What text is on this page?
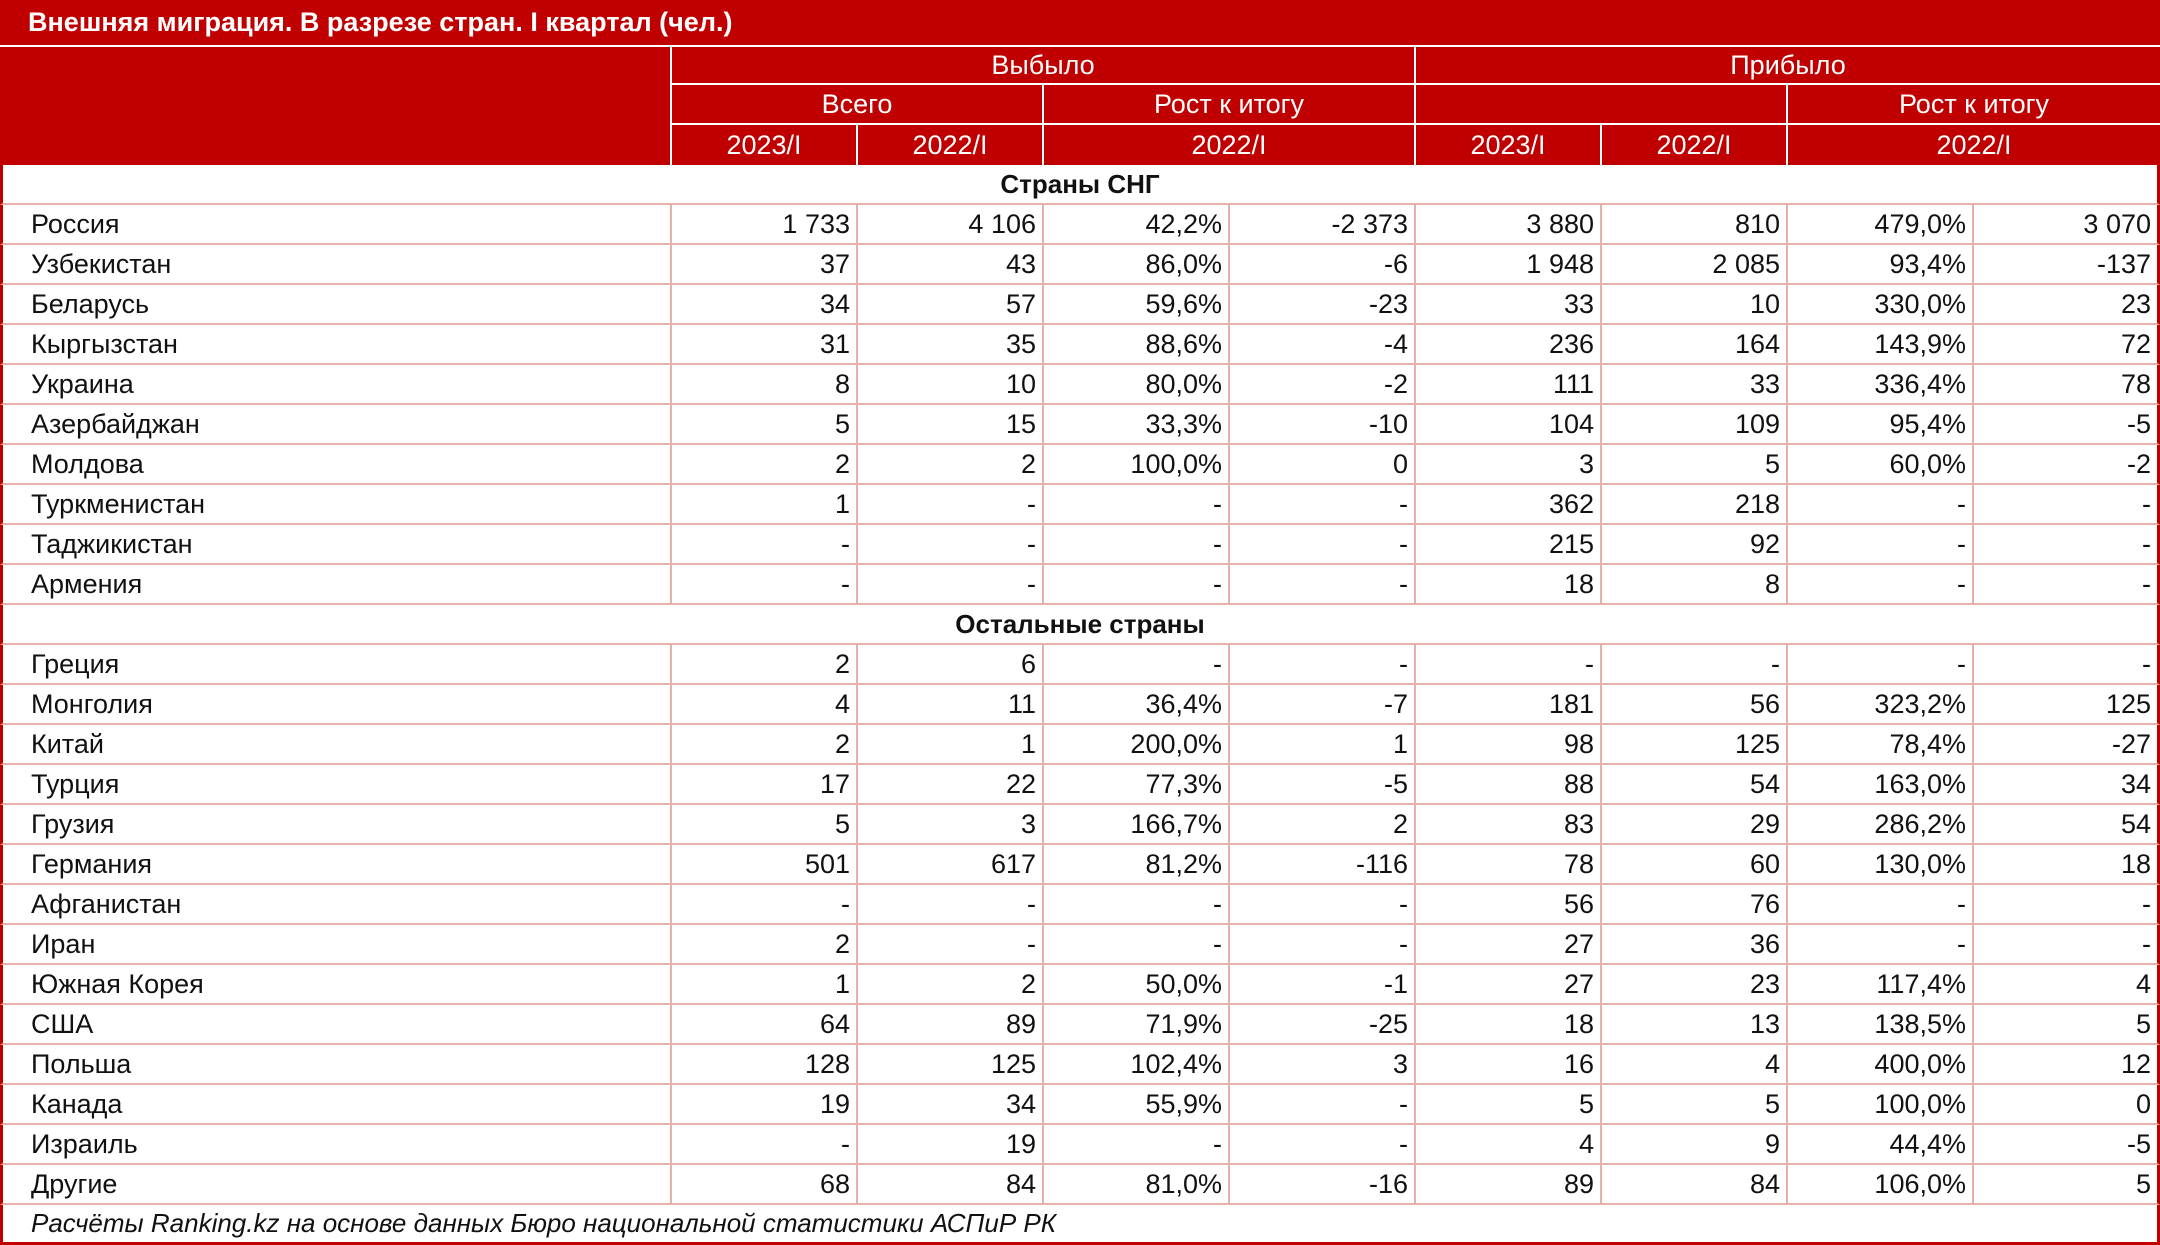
Внешняя миграция. В разрезе стран. I квартал (чел.)
Выбыло	Прибыло
Всего	Рост к итогу	Рост к итогу
2023/I	2022/I	2022/I	2023/I	2022/I	2022/I
Страны СНГ
Россия	1 733	4 106	42,2%	-2 373	3 880	810	479,0%	3 070
Узбекистан	37	43	86,0%	-6	1 948	2 085	93,4%	-137
Беларусь	34	57	59,6%	-23	33	10	330,0%	23
Кыргызстан	31	35	88,6%	-4	236	164	143,9%	72
Украина	8	10	80,0%	-2	111	33	336,4%	78
Азербайджан	5	15	33,3%	-10	104	109	95,4%	-5
Молдова	2	2	100,0%	0	3	5	60,0%	-2
Туркменистан	1	-	-	-	362	218	-	-
Таджикистан	-	-	-	-	215	92	-	-
Армения	-	-	-	-	18	8	-	-
Остальные страны
Греция	2	6	-	-	-	-	-	-
Монголия	4	11	36,4%	-7	181	56	323,2%	125
Китай	2	1	200,0%	1	98	125	78,4%	-27
Турция	17	22	77,3%	-5	88	54	163,0%	34
Грузия	5	3	166,7%	2	83	29	286,2%	54
Германия	501	617	81,2%	-116	78	60	130,0%	18
Афганистан	-	-	-	-	56	76	-	-
Иран	2	-	-	-	27	36	-	-
Южная Корея	1	2	50,0%	-1	27	23	117,4%	4
США	64	89	71,9%	-25	18	13	138,5%	5
Польша	128	125	102,4%	3	16	4	400,0%	12
Канада	19	34	55,9%	-	5	5	100,0%	0
Израиль	-	19	-	-	4	9	44,4%	-5
Другие	68	84	81,0%	-16	89	84	106,0%	5
Расчёты Ranking.kz на основе данных Бюро национальной статистики АСПиР РК
